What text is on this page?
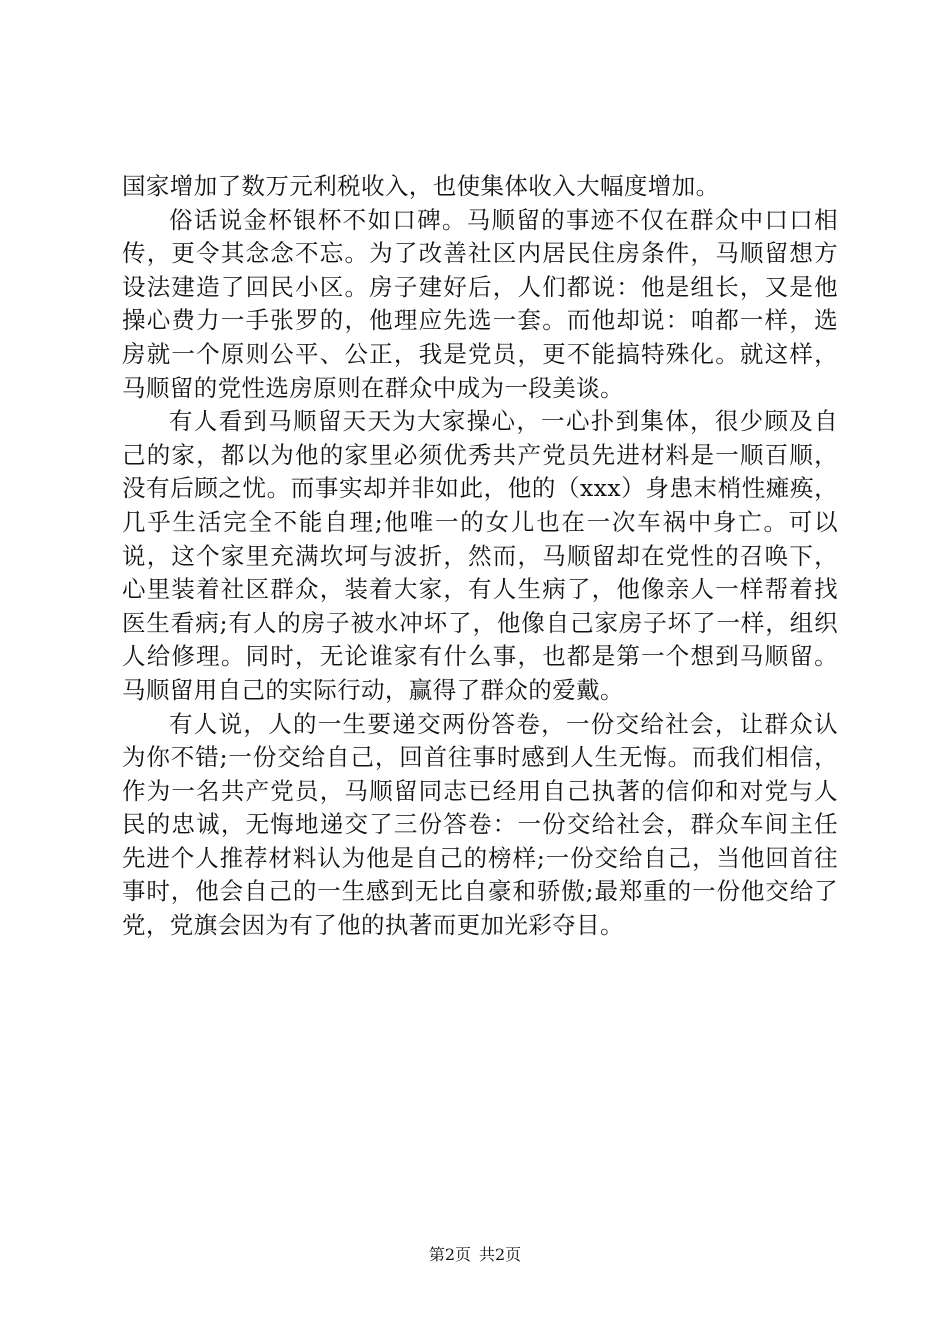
国家增加了数万元利税收入，也使集体收入大幅度增加。

俗话说金杯银杯不如口碑。马顺留的事迹不仅在群众中口口相传，更令其念念不忘。为了改善社区内居民住房条件，马顺留想方设法建造了回民小区。房子建好后，人们都说：他是组长，又是他操心费力一手张罗的，他理应先选一套。而他却说：咱都一样，选房就一个原则公平、公正，我是党员，更不能搞特殊化。就这样，马顺留的党性选房原则在群众中成为一段美谈。

有人看到马顺留天天为大家操心，一心扑到集体，很少顾及自己的家，都以为他的家里必须优秀共产党员先进材料是一顺百顺，没有后顾之忧。而事实却并非如此，他的（xxx）身患末梢性瘫痪，几乎生活完全不能自理;他唯一的女儿也在一次车祸中身亡。可以说，这个家里充满坎坷与波折，然而，马顺留却在党性的召唤下，心里装着社区群众，装着大家，有人生病了，他像亲人一样帮着找医生看病;有人的房子被水冲坏了，他像自己家房子坏了一样，组织人给修理。同时，无论谁家有什么事，也都是第一个想到马顺留。马顺留用自己的实际行动，赢得了群众的爱戴。

有人说，人的一生要递交两份答卷，一份交给社会，让群众认为你不错;一份交给自己，回首往事时感到人生无悔。而我们相信，作为一名共产党员，马顺留同志已经用自己执著的信仰和对党与人民的忠诚，无悔地递交了三份答卷：一份交给社会，群众车间主任先进个人推荐材料认为他是自己的榜样;一份交给自己，当他回首往事时，他会自己的一生感到无比自豪和骄傲;最郑重的一份他交给了党，党旗会因为有了他的执著而更加光彩夺目。

第2页 共2页
